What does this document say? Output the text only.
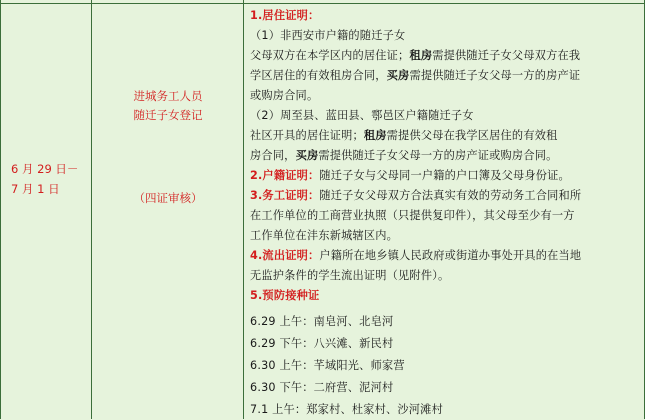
6 月 29 日－
7 月 1 日
进城务工人员
随迁子女登记
（四证审核）
1.居住证明：
（1）非西安市户籍的随迁子女
父母双方在本学区内的居住证；租房需提供随迁子女父母双方在我
学区居住的有效租房合同，买房需提供随迁子女父母一方的房产证
或购房合同。
（2）周至县、蓝田县、鄠邑区户籍随迁子女
社区开具的居住证明；租房需提供父母在我学区居住的有效租
房合同，买房需提供随迁子女父母一方的房产证或购房合同。
2.户籍证明：随迁子女与父母同一户籍的户口簿及父母身份证。
3.务工证明：随迁子女父母双方合法真实有效的劳动务工合同和所
在工作单位的工商营业执照（只提供复印件），其父母至少有一方
工作单位在沣东新城辖区内。
4.流出证明：户籍所在地乡镇人民政府或街道办事处开具的在当地
无监护条件的学生流出证明（见附件）。
5.预防接种证
6.29 上午：南皂河、北皂河
6.29 下午：八兴滩、新民村
6.30 上午：芊域阳光、师家营
6.30 下午：二府营、泥河村
7.1 上午：郑家村、杜家村、沙河滩村
